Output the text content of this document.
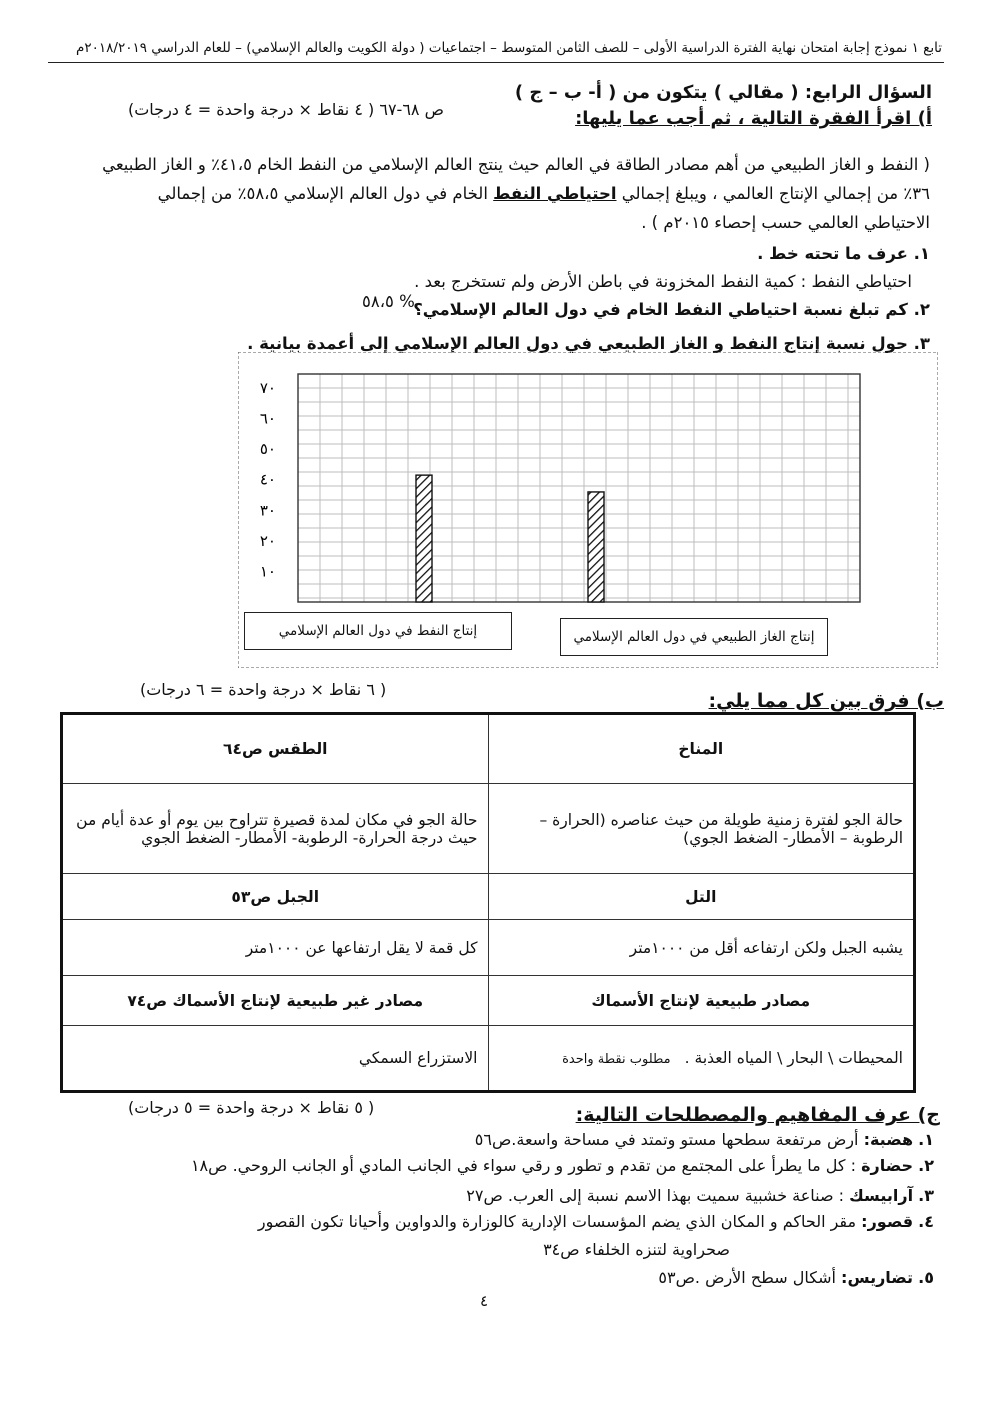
تابع ١ نموذج إجابة امتحان نهاية الفترة الدراسية الأولى – للصف الثامن المتوسط – اجتماعيات ( دولة الكويت والعالم الإسلامي) – للعام الدراسي ٢٠١٨/٢٠١٩م
السؤال الرابع: ( مقالي ) يتكون من ( أ- ب – ج )
أ) اقرأ الفقرة التالية ، ثم أجب عما يليها:
ص ٦٨-٦٧ ( ٤ نقاط × درجة واحدة = ٤ درجات)
( النفط و الغاز الطبيعي من أهم مصادر الطاقة في العالم حيث ينتج العالم الإسلامي من النفط الخام ٤١،٥٪ و الغاز الطبيعي ٣٦٪ من إجمالي الإنتاج العالمي ، ويبلغ إجمالي احتياطي النفط الخام في دول العالم الإسلامي ٥٨،٥٪ من إجمالي الاحتياطي العالمي حسب إحصاء ٢٠١٥م ) .
١. عرف ما تحته خط .
احتياطي النفط : كمية النفط المخزونة في باطن الأرض ولم تستخرج بعد .
٢. كم تبلغ نسبة احتياطي النفط الخام في دول العالم الإسلامي؟
٥٨،٥ %
٣. حول نسبة إنتاج النفط و الغاز الطبيعي في دول العالم الإسلامي إلى أعمدة بيانية .
١٠
٢٠
٣٠
٤٠
٥٠
٦٠
٧٠
إنتاج النفط في دول العالم الإسلامي	إنتاج الغاز الطبيعي في دول العالم الإسلامي
( ٦ نقاط × درجة واحدة = ٦ درجات)
ب) فرق بين كل مما يلي:
المناخ	الطقس ص٦٤
حالة الجو لفترة زمنية طويلة من حيث عناصره (الحرارة – الرطوبة – الأمطار- الضغط الجوي)	حالة الجو في مكان لمدة قصيرة تتراوح بين يوم أو عدة أيام من حيث درجة الحرارة- الرطوبة- الأمطار- الضغط الجوي
التل	الجبل ص٥٣
يشبه الجبل ولكن ارتفاعه أقل من ١٠٠٠متر	كل قمة لا يقل ارتفاعها عن ١٠٠٠متر
مصادر طبيعية لإنتاج الأسماك	مصادر غير طبيعية لإنتاج الأسماك ص٧٤
المحيطات \ البحار \ المياه العذبة .مطلوب نقطة واحدة	الاستزراع السمكي
( ٥ نقاط × درجة واحدة = ٥ درجات)	ج) عرف المفاهيم والمصطلحات التالية:
١. هضبة: أرض مرتفعة سطحها مستو وتمتد في مساحة واسعة.ص٥٦
٢. حضارة : كل ما يطرأ على المجتمع من تقدم و تطور و رقي سواء في الجانب المادي أو الجانب الروحي. ص١٨
٣. آرابيسك : صناعة خشبية سميت بهذا الاسم نسبة إلى العرب. ص٢٧
٤. قصور: مقر الحاكم و المكان الذي يضم المؤسسات الإدارية كالوزارة والدواوين وأحيانا تكون القصور
صحراوية لتنزه الخلفاء ص٣٤
٥. تضاريس: أشكال سطح الأرض .ص٥٣
٤
